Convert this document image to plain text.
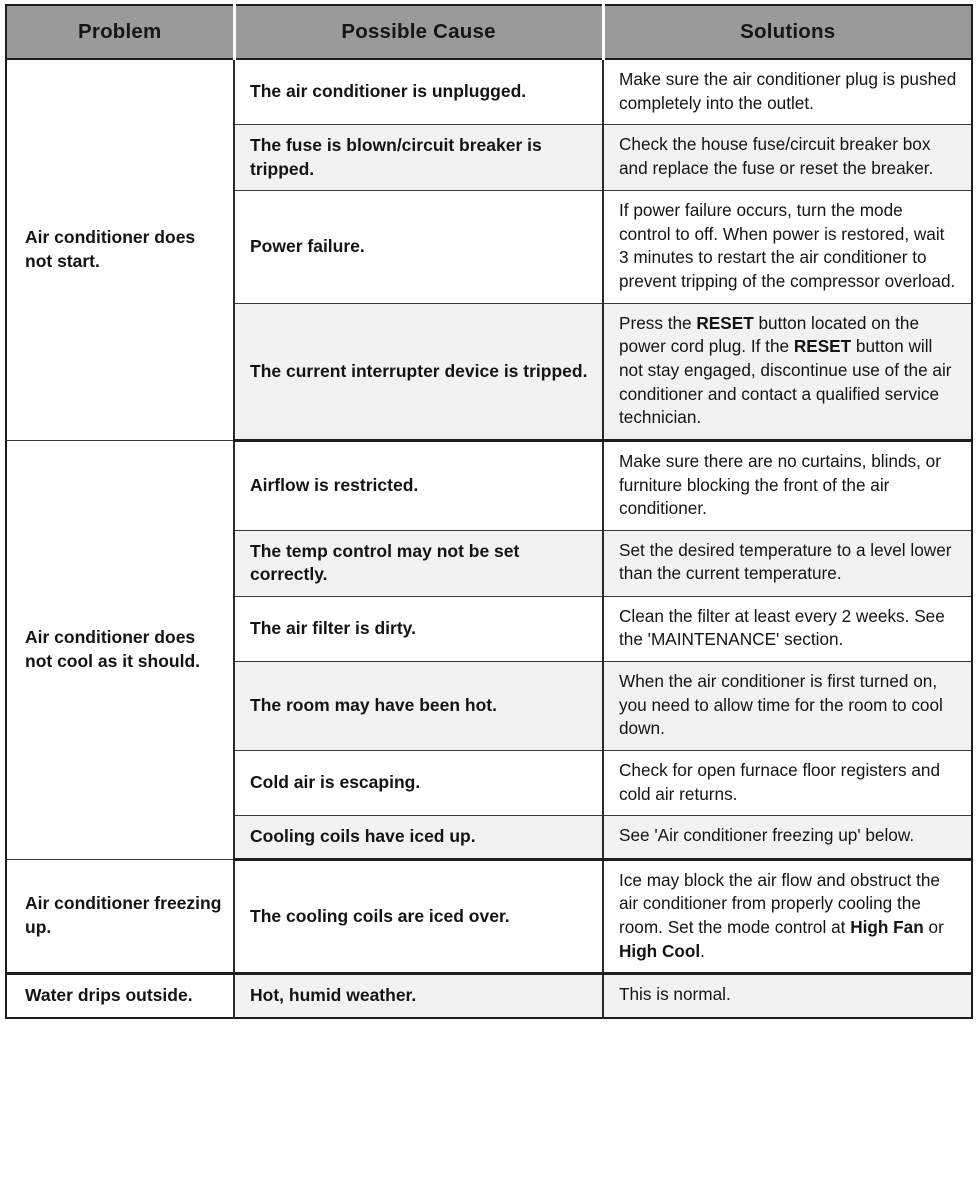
Problem	Possible Cause	Solutions
Air conditioner does not start.	The air conditioner is unplugged.	Make sure the air conditioner plug is pushed completely into the outlet.
	The fuse is blown/circuit breaker is tripped.	Check the house fuse/circuit breaker box and replace the fuse or reset the breaker.
	Power failure.	If power failure occurs, turn the mode control to off. When power is restored, wait 3 minutes to restart the air conditioner to prevent tripping of the compressor overload.
	The current interrupter device is tripped.	Press the RESET button located on the power cord plug. If the RESET button will not stay engaged, discontinue use of the air conditioner and contact a qualified service technician.
Air conditioner does not cool as it should.	Airflow is restricted.	Make sure there are no curtains, blinds, or furniture blocking the front of the air conditioner.
	The temp control may not be set correctly.	Set the desired temperature to a level lower than the current temperature.
	The air filter is dirty.	Clean the filter at least every 2 weeks. See the 'MAINTENANCE' section.
	The room may have been hot.	When the air conditioner is first turned on, you need to allow time for the room to cool down.
	Cold air is escaping.	Check for open furnace floor registers and cold air returns.
	Cooling coils have iced up.	See 'Air conditioner freezing up' below.
Air conditioner freezing up.	The cooling coils are iced over.	Ice may block the air flow and obstruct the air conditioner from properly cooling the room. Set the mode control at High Fan or High Cool.
Water drips outside.	Hot, humid weather.	This is normal.
